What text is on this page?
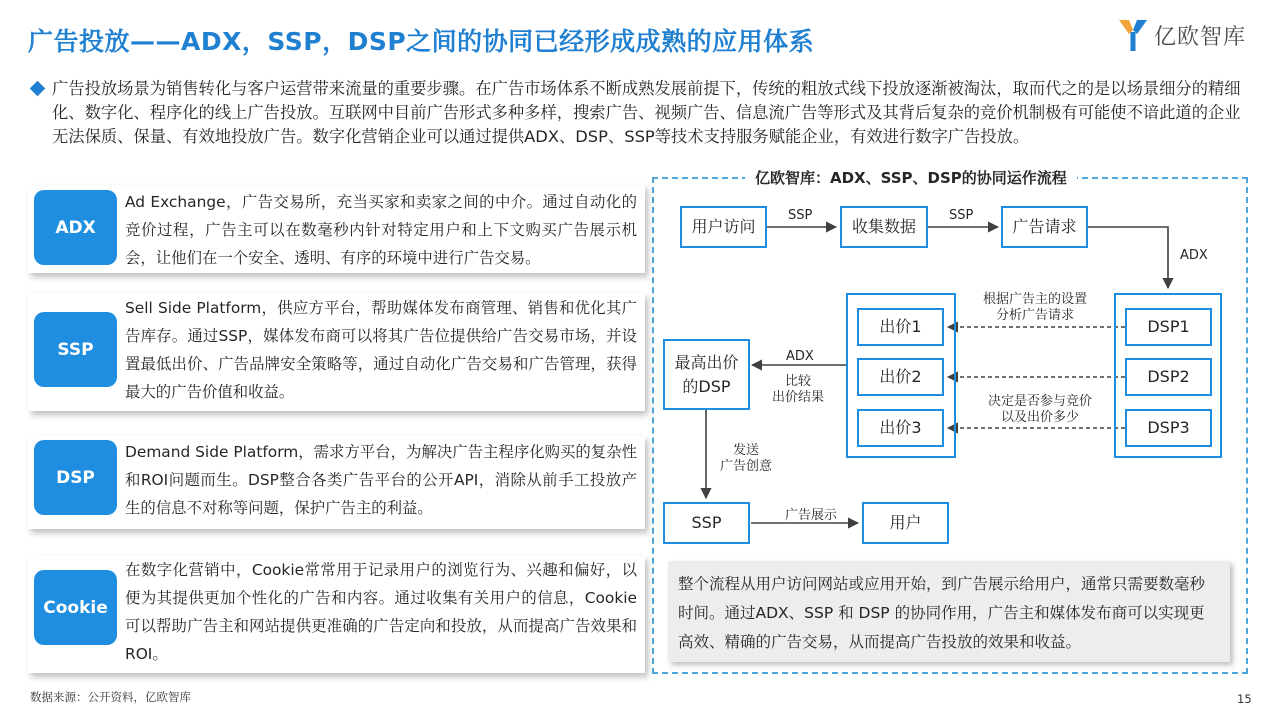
广告投放——ADX，SSP，DSP之间的协同已经形成成熟的应用体系	亿欧智库
广告投放场景为销售转化与客户运营带来流量的重要步骤。在广告市场体系不断成熟发展前提下，传统的粗放式线下投放逐渐被淘汰，取而代之的是以场景细分的精细化、数字化、程序化的线上广告投放。互联网中目前广告形式多种多样，搜索广告、视频广告、信息流广告等形式及其背后复杂的竞价机制极有可能使不谙此道的企业无法保质、保量、有效地投放广告。数字化营销企业可以通过提供ADX、DSP、SSP等技术支持服务赋能企业，有效进行数字广告投放。
ADX
Ad Exchange，广告交易所，充当买家和卖家之间的中介。通过自动化的竞价过程，广告主可以在数毫秒内针对特定用户和上下文购买广告展示机会，让他们在一个安全、透明、有序的环境中进行广告交易。
SSP
Sell Side Platform，供应方平台，帮助媒体发布商管理、销售和优化其广告库存。通过SSP，媒体发布商可以将其广告位提供给广告交易市场，并设置最低出价、广告品牌安全策略等，通过自动化广告交易和广告管理，获得最大的广告价值和收益。
DSP
Demand Side Platform，需求方平台，为解决广告主程序化购买的复杂性和ROI问题而生。DSP整合各类广告平台的公开API，消除从前手工投放产生的信息不对称等问题，保护广告主的利益。
Cookie
在数字化营销中，Cookie常常用于记录用户的浏览行为、兴趣和偏好，以便为其提供更加个性化的广告和内容。通过收集有关用户的信息，Cookie可以帮助广告主和网站提供更准确的广告定向和投放，从而提高广告效果和ROI。
亿欧智库：ADX、SSP、DSP的协同运作流程
用户访问	收集数据	广告请求
出价1
出价2
出价3
DSP1
DSP2
DSP3
最高出价
的DSP
SSP	用户
SSP	SSP
ADX
根据广告主的设置
分析广告请求
决定是否参与竞价
以及出价多少
ADX
比较
出价结果
发送
广告创意
广告展示
整个流程从用户访问网站或应用开始，到广告展示给用户，通常只需要数毫秒时间。通过ADX、SSP 和 DSP 的协同作用，广告主和媒体发布商可以实现更高效、精确的广告交易，从而提高广告投放的效果和收益。
数据来源：公开资料，亿欧智库	15
